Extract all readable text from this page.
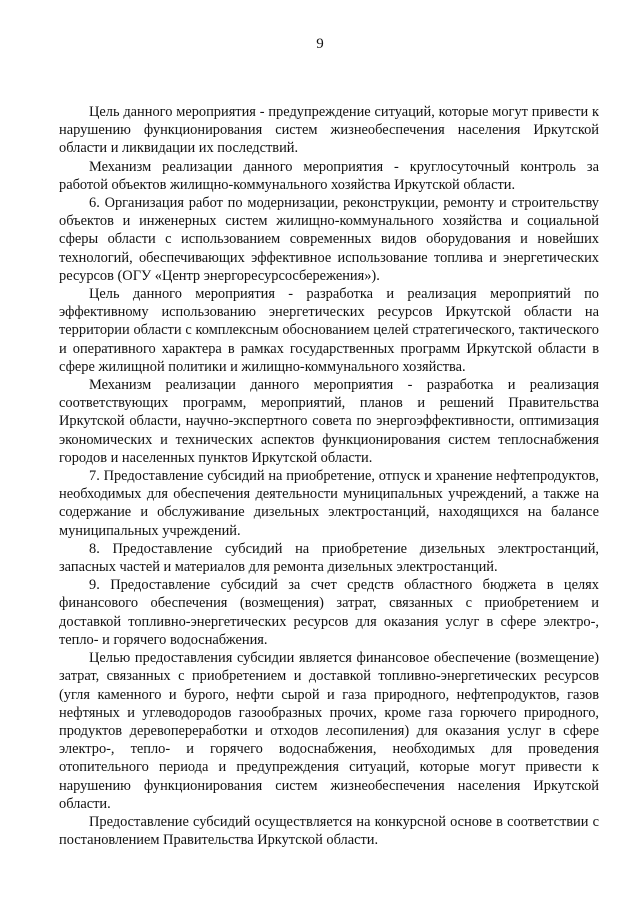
9

Цель данного мероприятия - предупреждение ситуаций, которые могут привести к нарушению функционирования систем жизнеобеспечения населения Иркутской области и ликвидации их последствий.

Механизм реализации данного мероприятия - круглосуточный контроль за работой объектов жилищно-коммунального хозяйства Иркутской области.

6. Организация работ по модернизации, реконструкции, ремонту и строительству объектов и инженерных систем жилищно-коммунального хозяйства и социальной сферы области с использованием современных видов оборудования и новейших технологий, обеспечивающих эффективное использование топлива и энергетических ресурсов (ОГУ «Центр энергоресурсосбережения»).

Цель данного мероприятия - разработка и реализация мероприятий по эффективному использованию энергетических ресурсов Иркутской области на территории области с комплексным обоснованием целей стратегического, тактического и оперативного характера в рамках государственных программ Иркутской области в сфере жилищной политики и жилищно-коммунального хозяйства.

Механизм реализации данного мероприятия - разработка и реализация соответствующих программ, мероприятий, планов и решений Правительства Иркутской области, научно-экспертного совета по энергоэффективности, оптимизация экономических и технических аспектов функционирования систем теплоснабжения городов и населенных пунктов Иркутской области.

7. Предоставление субсидий на приобретение, отпуск и хранение нефтепродуктов, необходимых для обеспечения деятельности муниципальных учреждений, а также на содержание и обслуживание дизельных электростанций, находящихся на балансе муниципальных учреждений.

8. Предоставление субсидий на приобретение дизельных электростанций, запасных частей и материалов для ремонта дизельных электростанций.

9. Предоставление субсидий за счет средств областного бюджета в целях финансового обеспечения (возмещения) затрат, связанных с приобретением и доставкой топливно-энергетических ресурсов для оказания услуг в сфере электро-, тепло- и горячего водоснабжения.

Целью предоставления субсидии является финансовое обеспечение (возмещение) затрат, связанных с приобретением и доставкой топливно-энергетических ресурсов (угля каменного и бурого, нефти сырой и газа природного, нефтепродуктов, газов нефтяных и углеводородов газообразных прочих, кроме газа горючего природного, продуктов деревопереработки и отходов лесопиления) для оказания услуг в сфере электро-, тепло- и горячего водоснабжения, необходимых для проведения отопительного периода и предупреждения ситуаций, которые могут привести к нарушению функционирования систем жизнеобеспечения населения Иркутской области.

Предоставление субсидий осуществляется на конкурсной основе в соответствии с постановлением Правительства Иркутской области.
